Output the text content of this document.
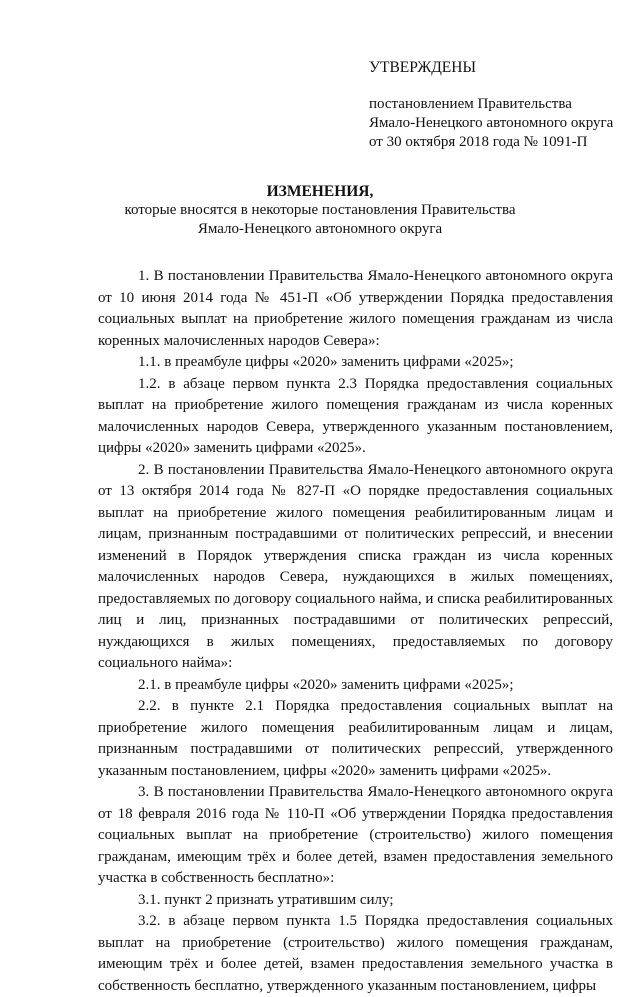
УТВЕРЖДЕНЫ
постановлением Правительства
Ямало-Ненецкого автономного округа
от 30 октября 2018 года № 1091-П
ИЗМЕНЕНИЯ,
которые вносятся в некоторые постановления Правительства
Ямало-Ненецкого автономного округа

1. В постановлении Правительства Ямало-Ненецкого автономного округа от 10 июня 2014 года № 451-П «Об утверждении Порядка предоставления социальных выплат на приобретение жилого помещения гражданам из числа коренных малочисленных народов Севера»:

1.1. в преамбуле цифры «2020» заменить цифрами «2025»;

1.2. в абзаце первом пункта 2.3 Порядка предоставления социальных выплат на приобретение жилого помещения гражданам из числа коренных малочисленных народов Севера, утвержденного указанным постановлением, цифры «2020» заменить цифрами «2025».

2. В постановлении Правительства Ямало-Ненецкого автономного округа от 13 октября 2014 года № 827-П «О порядке предоставления социальных выплат на приобретение жилого помещения реабилитированным лицам и лицам, признанным пострадавшими от политических репрессий, и внесении изменений в Порядок утверждения списка граждан из числа коренных малочисленных народов Севера, нуждающихся в жилых помещениях, предоставляемых по договору социального найма, и списка реабилитированных лиц и лиц, признанных пострадавшими от политических репрессий, нуждающихся в жилых помещениях, предоставляемых по договору социального найма»:

2.1. в преамбуле цифры «2020» заменить цифрами «2025»;

2.2. в пункте 2.1 Порядка предоставления социальных выплат на приобретение жилого помещения реабилитированным лицам и лицам, признанным пострадавшими от политических репрессий, утвержденного указанным постановлением, цифры «2020» заменить цифрами «2025».

3. В постановлении Правительства Ямало-Ненецкого автономного округа от 18 февраля 2016 года № 110-П «Об утверждении Порядка предоставления социальных выплат на приобретение (строительство) жилого помещения гражданам, имеющим трёх и более детей, взамен предоставления земельного участка в собственность бесплатно»:

3.1. пункт 2 признать утратившим силу;

3.2. в абзаце первом пункта 1.5 Порядка предоставления социальных выплат на приобретение (строительство) жилого помещения гражданам, имеющим трёх и более детей, взамен предоставления земельного участка в собственность бесплатно, утвержденного указанным постановлением, цифры
